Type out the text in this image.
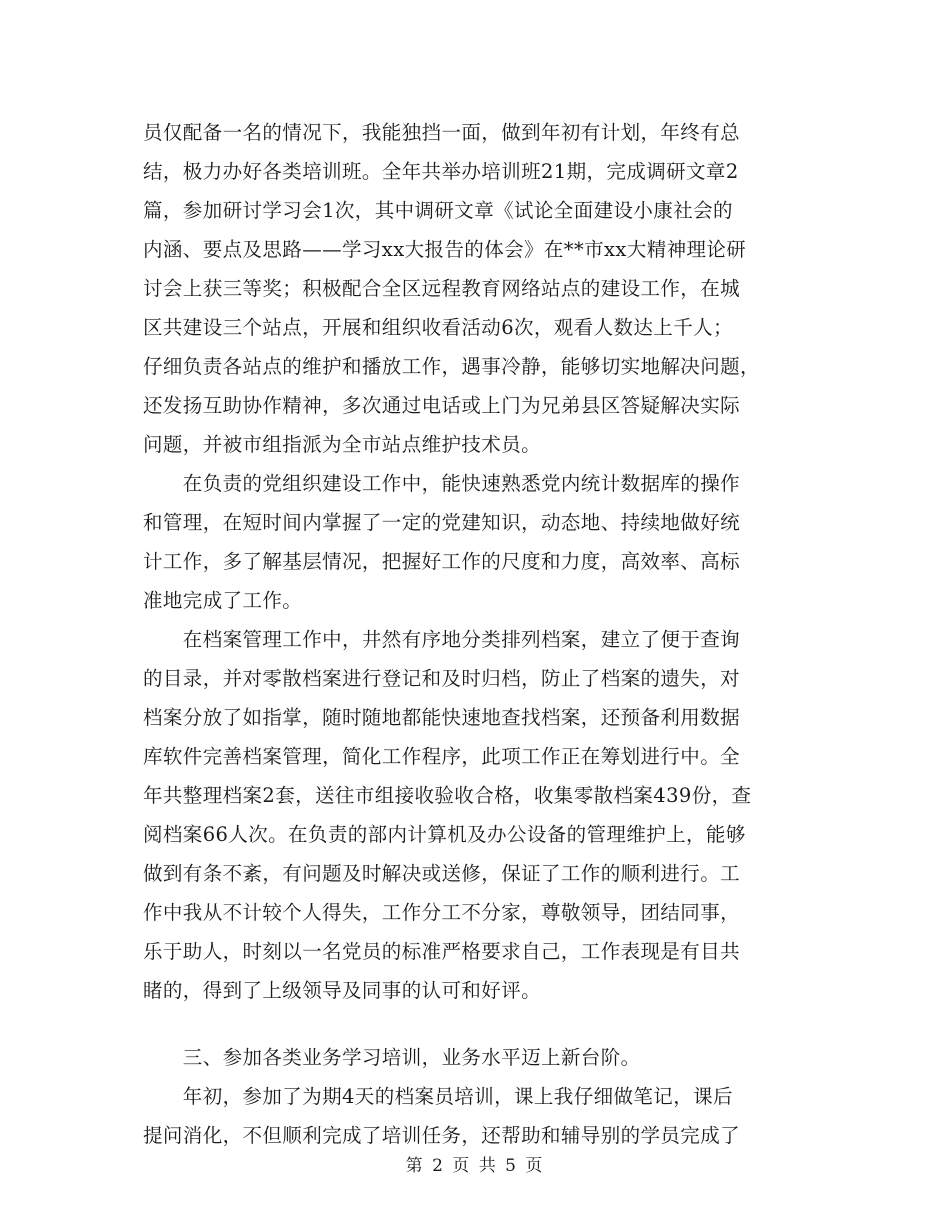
员仅配备一名的情况下，我能独挡一面，做到年初有计划，年终有总
结，极力办好各类培训班。全年共举办培训班21期，完成调研文章2
篇，参加研讨学习会1次，其中调研文章《试论全面建设小康社会的
内涵、要点及思路——学习xx大报告的体会》在**市xx大精神理论研
讨会上获三等奖；积极配合全区远程教育网络站点的建设工作，在城
区共建设三个站点，开展和组织收看活动6次，观看人数达上千人；
仔细负责各站点的维护和播放工作，遇事冷静，能够切实地解决问题，
还发扬互助协作精神，多次通过电话或上门为兄弟县区答疑解决实际
问题，并被市组指派为全市站点维护技术员。
　　在负责的党组织建设工作中，能快速熟悉党内统计数据库的操作
和管理，在短时间内掌握了一定的党建知识，动态地、持续地做好统
计工作，多了解基层情况，把握好工作的尺度和力度，高效率、高标
准地完成了工作。
　　在档案管理工作中，井然有序地分类排列档案，建立了便于查询
的目录，并对零散档案进行登记和及时归档，防止了档案的遗失，对
档案分放了如指掌，随时随地都能快速地查找档案，还预备利用数据
库软件完善档案管理，简化工作程序，此项工作正在筹划进行中。全
年共整理档案2套，送往市组接收验收合格，收集零散档案439份，查
阅档案66人次。在负责的部内计算机及办公设备的管理维护上，能够
做到有条不紊，有问题及时解决或送修，保证了工作的顺利进行。工
作中我从不计较个人得失，工作分工不分家，尊敬领导，团结同事，
乐于助人，时刻以一名党员的标准严格要求自己，工作表现是有目共
睹的，得到了上级领导及同事的认可和好评。
　　三、参加各类业务学习培训，业务水平迈上新台阶。
　　年初，参加了为期4天的档案员培训，课上我仔细做笔记，课后
提问消化，不但顺利完成了培训任务，还帮助和辅导别的学员完成了
第 2 页 共 5 页
